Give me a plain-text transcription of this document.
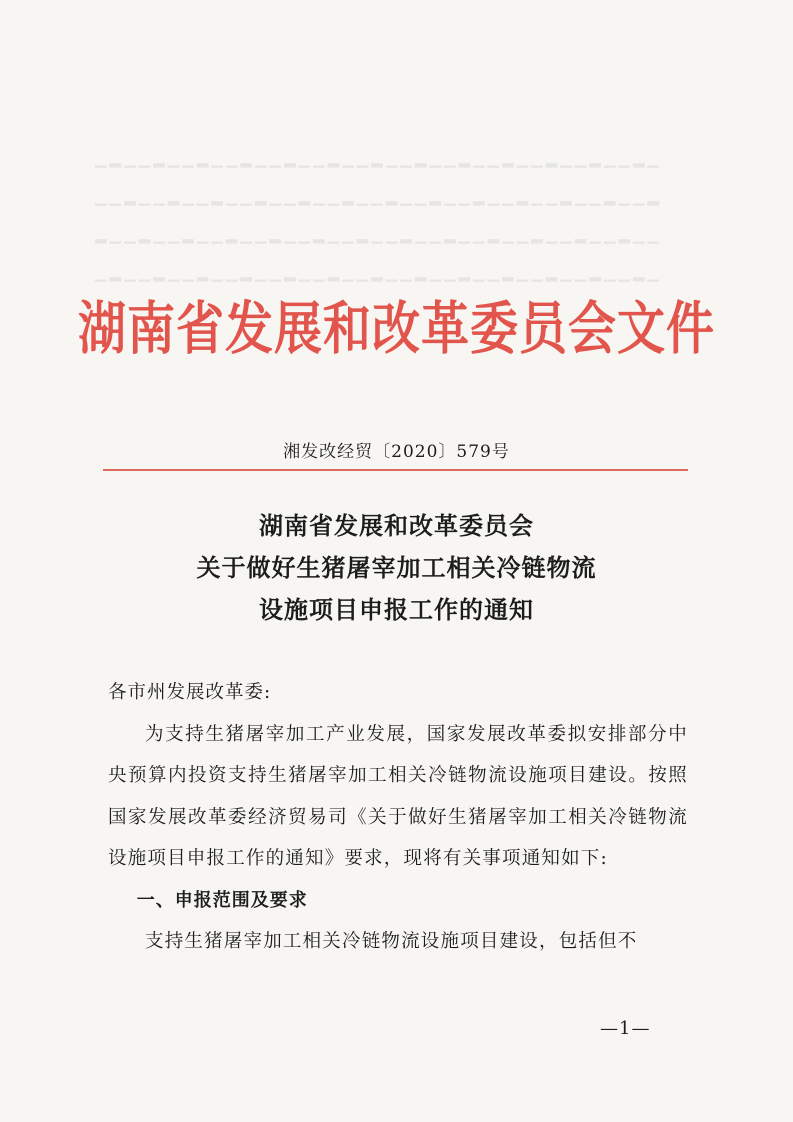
▁▂▁▁▂▁▁▂▁▁▂▁▁▂▁▁▂▁▁▂▁▁▂▁▁▂▁▁▂▁▁▂▁▁▂▁▁▂▁
▁▁▂▁▁▂▁▁▂▁▁▂▁▁▂▁▁▂▁▁▂▁▁▂▁▁▂▁▁▂▁▁▂▁▁▂▁▁▂
▂▁▁▂▁▁▂▁▁▂▁▁▂▁▁▂▁▁▂▁▁▂▁▁▂▁▁▂▁▁▂▁▁▂▁▁▂▁▁
▁▂▁▁▂▁▁▂▁▁▂▁▁▂▁▁▂▁▁▂▁▁▂▁▁▂▁▁▂▁▁▂▁▁▂▁▁▂▁
湖南省发展和改革委员会文件
湘发改经贸〔2020〕579号
湖南省发展和改革委员会
关于做好生猪屠宰加工相关冷链物流
设施项目申报工作的通知

各市州发展改革委:

为支持生猪屠宰加工产业发展，国家发展改革委拟安排部分中央预算内投资支持生猪屠宰加工相关冷链物流设施项目建设。按照国家发展改革委经济贸易司《关于做好生猪屠宰加工相关冷链物流设施项目申报工作的通知》要求，现将有关事项通知如下:

一、申报范围及要求

支持生猪屠宰加工相关冷链物流设施项目建设，包括但不

—1—
